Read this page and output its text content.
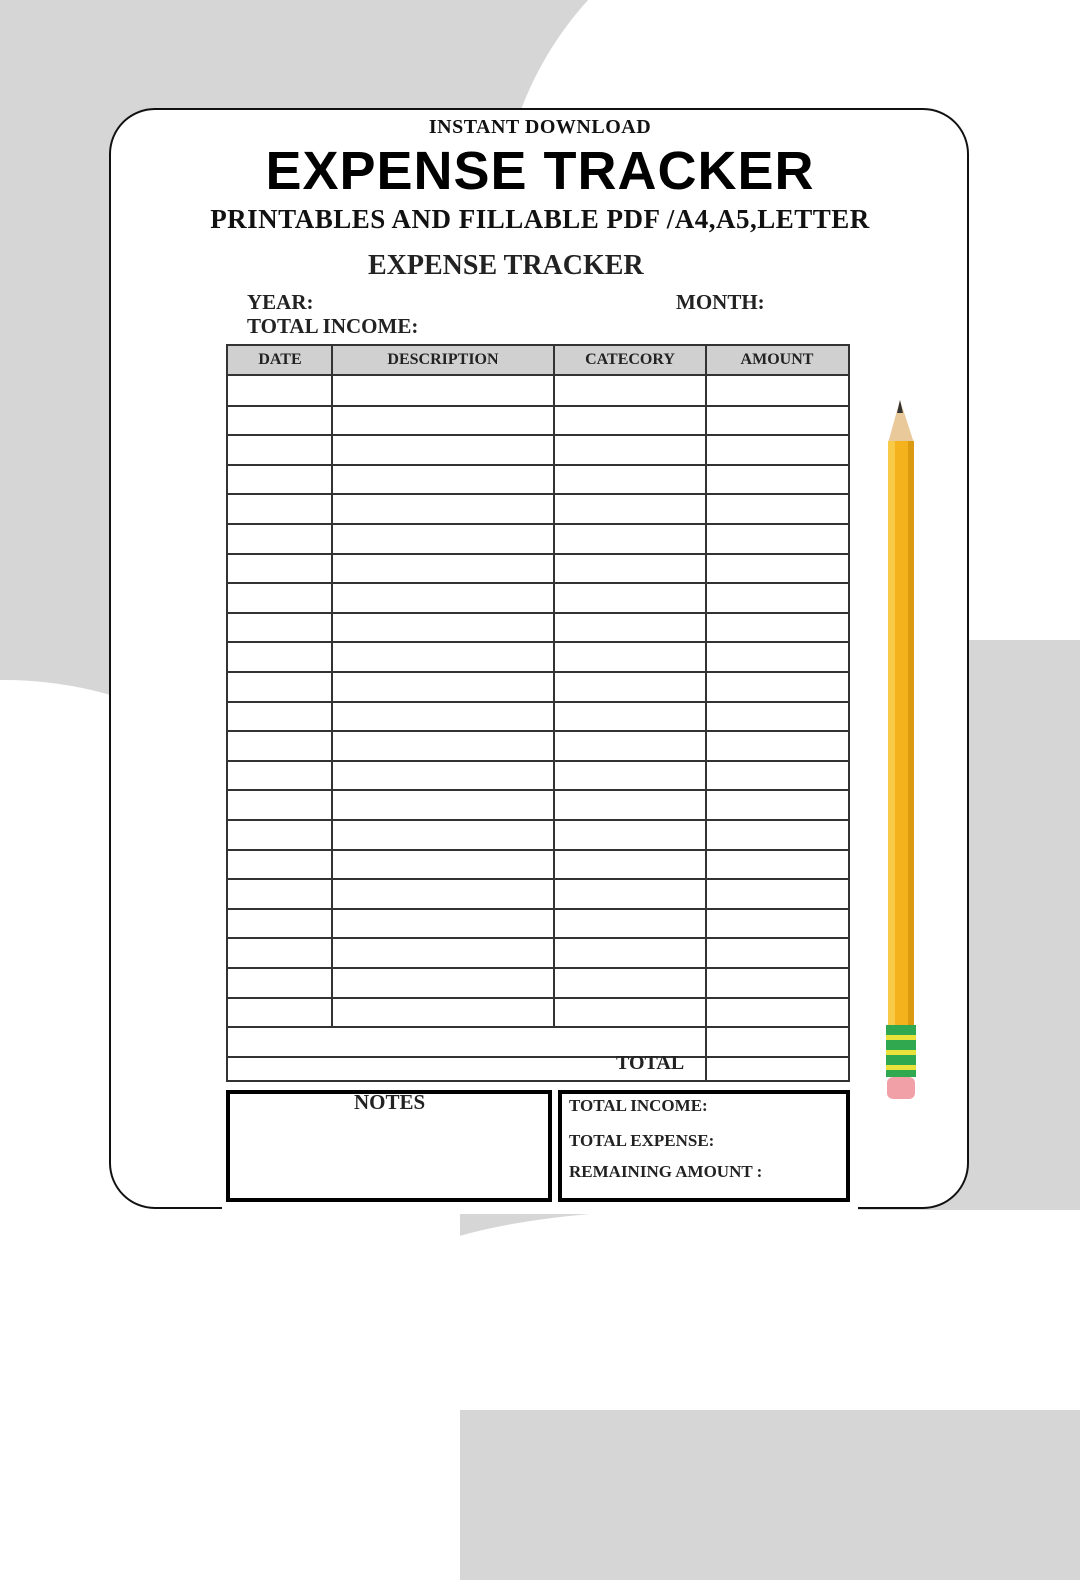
INSTANT DOWNLOAD
EXPENSE TRACKER
PRINTABLES AND FILLABLE PDF /A4,A5,LETTER
EXPENSE TRACKER
YEAR:	MONTH:
TOTAL INCOME:
DATE	DESCRIPTION	CATECORY	AMOUNT
TOTAL
NOTES	TOTAL INCOME:
TOTAL EXPENSE:
REMAINING AMOUNT :
